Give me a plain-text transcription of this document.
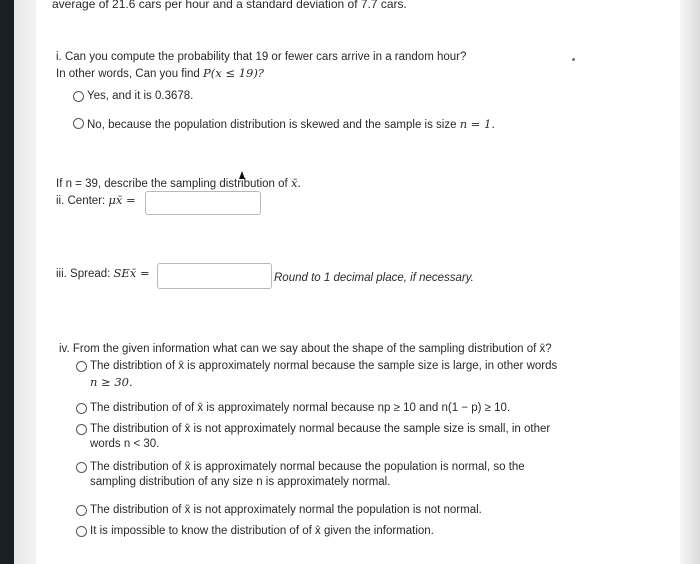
average of 21.6 cars per hour and a standard deviation of 7.7 cars.
i. Can you compute the probability that 19 or fewer cars arrive in a random hour?
In other words, Can you find P(x ≤ 19)?
Yes, and it is 0.3678.
No, because the population distribution is skewed and the sample is size n = 1.
If n = 39, describe the sampling distribution of x̄.
ii. Center: μx̄ =
iii. Spread: SEx̄ =	Round to 1 decimal place, if necessary.
iv. From the given information what can we say about the shape of the sampling distribution of x̄?
The distribtion of x̄ is approximately normal because the sample size is large, in other words
n ≥ 30.
The distribution of of x̄ is approximately normal because np ≥ 10 and n(1 − p) ≥ 10.
The distribution of x̄ is not approximately normal because the sample size is small, in other
words n < 30.
The distribution of x̄ is approximately normal because the population is normal, so the
sampling distribution of any size n is approximately normal.
The distribution of x̄ is not approximately normal the population is not normal.
It is impossible to know the distribution of of x̄ given the information.
